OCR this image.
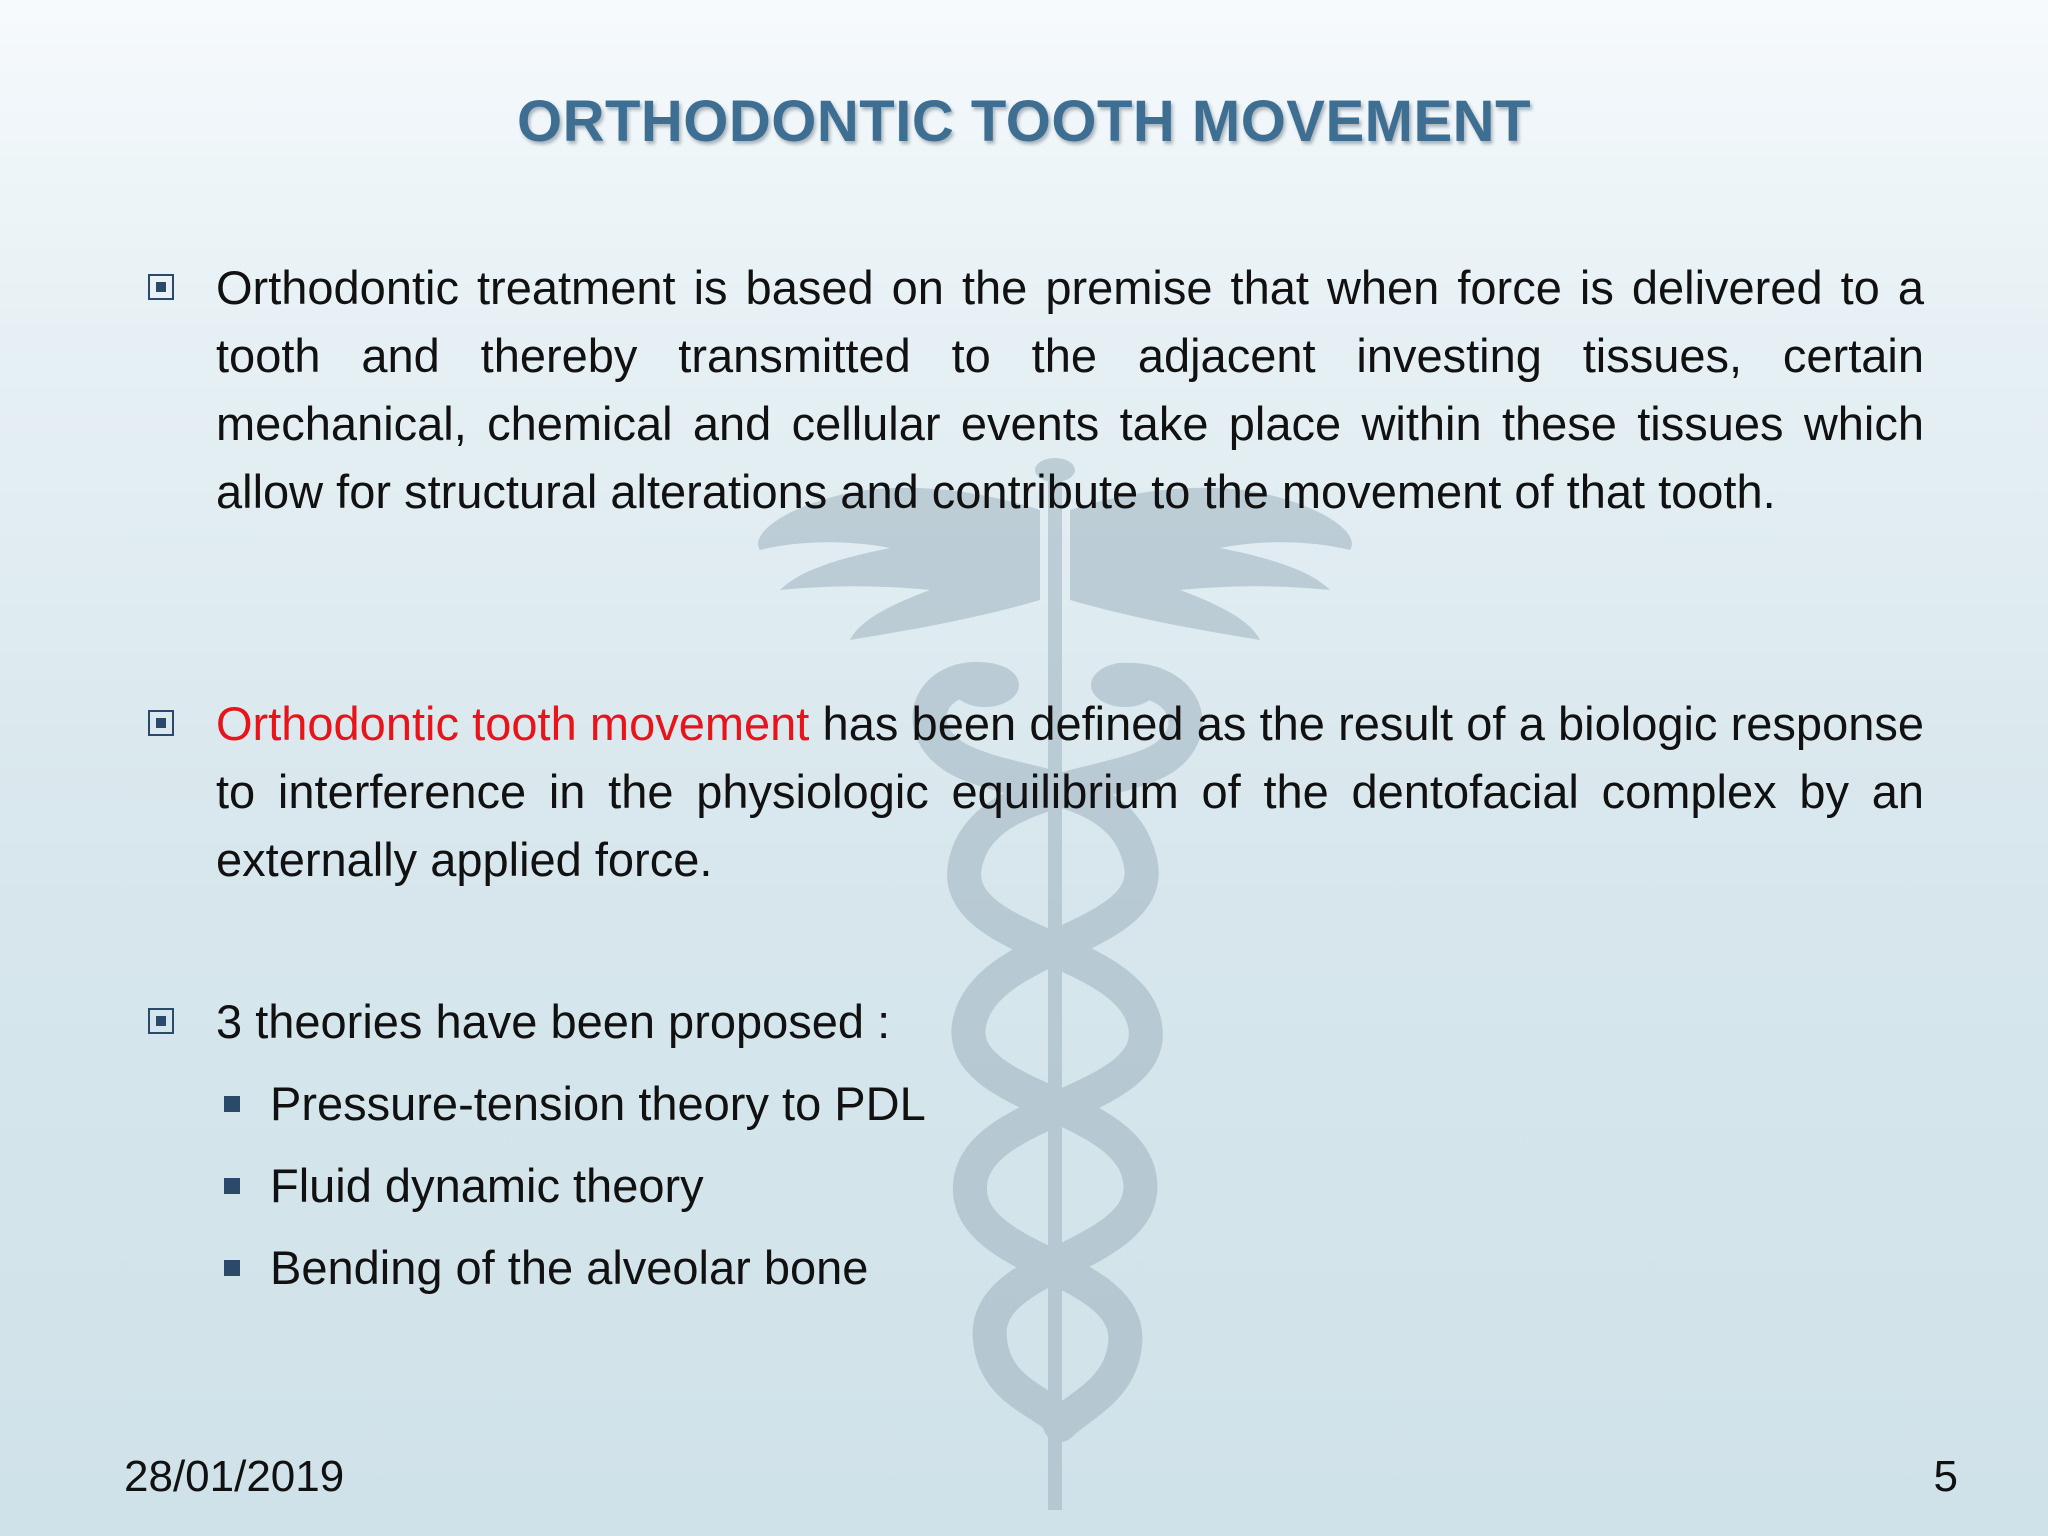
ORTHODONTIC TOOTH MOVEMENT
Orthodontic treatment is based on the premise that when force is delivered to a tooth and thereby transmitted to the adjacent investing tissues, certain mechanical, chemical and cellular events take place within these tissues which allow for structural alterations and contribute to the movement of that tooth.
Orthodontic tooth movement has been defined as the result of a biologic response to interference in the physiologic equilibrium of the dentofacial complex by an externally applied force.
3 theories have been proposed :
Pressure-tension theory to PDL
Fluid dynamic theory
Bending of the alveolar bone
28/01/2019	5
